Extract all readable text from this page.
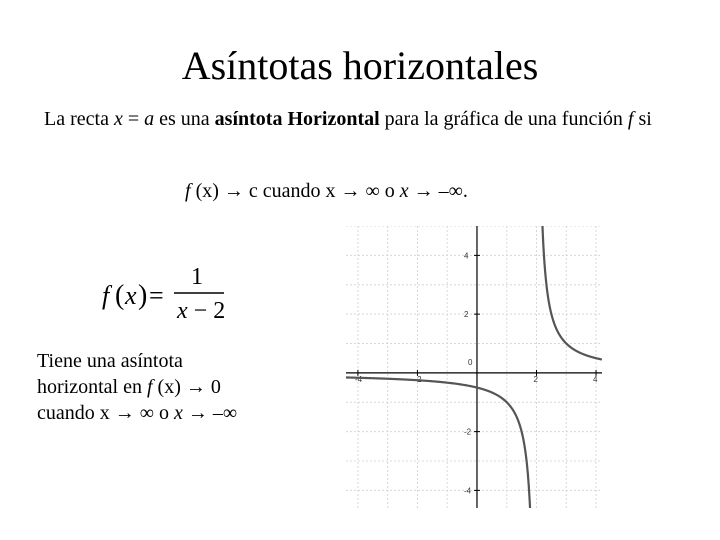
Asíntotas horizontales
La recta x = a es una asíntota Horizontal para la gráfica de una función f si
f (x) → c cuando x → ∞ o x → –∞.
f ( x ) =
1
x − 2
Tiene una asíntota
horizontal en f (x) → 0
cuando x → ∞ o x → –∞
-4	-2
0
2	4
4
2
-2
-4
